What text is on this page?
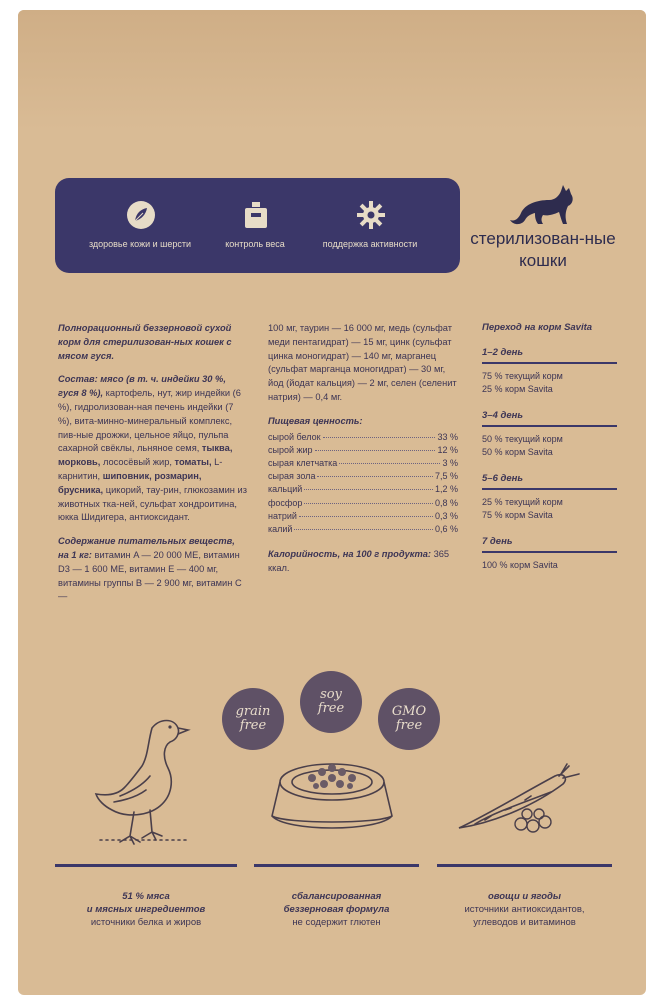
здоровье кожи и шерсти	контроль веса	поддержка активности	стерилизован-ные кошки

Полнорационный беззерновой сухой корм для стерилизован-ных кошек с мясом гуся.

Состав: мясо (в т. ч. индейки 30 %, гуся 8 %), картофель, нут, жир индейки (6 %), гидролизован-ная печень индейки (7 %), вита-минно-минеральный комплекс, пив-ные дрожжи, цельное яйцо, пульпа сахарной свёклы, льняное семя, тыква, морковь, лососёвый жир, томаты, L-карнитин, шиповник, розмарин, брусника, цикорий, тау-рин, глюкозамин из животных тка-ней, сульфат хондроитина, юкка Шидигера, антиоксидант.

Содержание питательных веществ, на 1 кг: витамин A — 20 000 МЕ, витамин D3 — 1 600 МЕ, витамин E — 400 мг, витамины группы B — 2 900 мг, витамин C —

100 мг, таурин — 16 000 мг, медь (сульфат меди пентагидрат) — 15 мг, цинк (сульфат цинка моногидрат) — 140 мг, марганец (сульфат марганца моногидрат) — 30 мг, йод (йодат кальция) — 2 мг, селен (селенит натрия) — 0,4 мг.

Пищевая ценность:
сырой белок	33 %
сырой жир	12 %
сырая клетчатка	3 %
сырая зола	7,5 %
кальций	1,2 %
фосфор	0,8 %
натрий	0,3 %
калий	0,6 %

Калорийность, на 100 г продукта: 365 ккал.

Переход на корм Savita
1–2 день
75 % текущий корм
25 % корм Savita
3–4 день
50 % текущий корм
50 % корм Savita
5–6 день
25 % текущий корм
75 % корм Savita
7 день
100 % корм Savita
grain
free
soy
free	GMO
free
51 % мяса
и мясных ингредиентов
источники белка и жиров
сбалансированная
беззерновая формула
не содержит глютен
овощи и ягоды
источники антиоксидантов,
углеводов и витаминов
